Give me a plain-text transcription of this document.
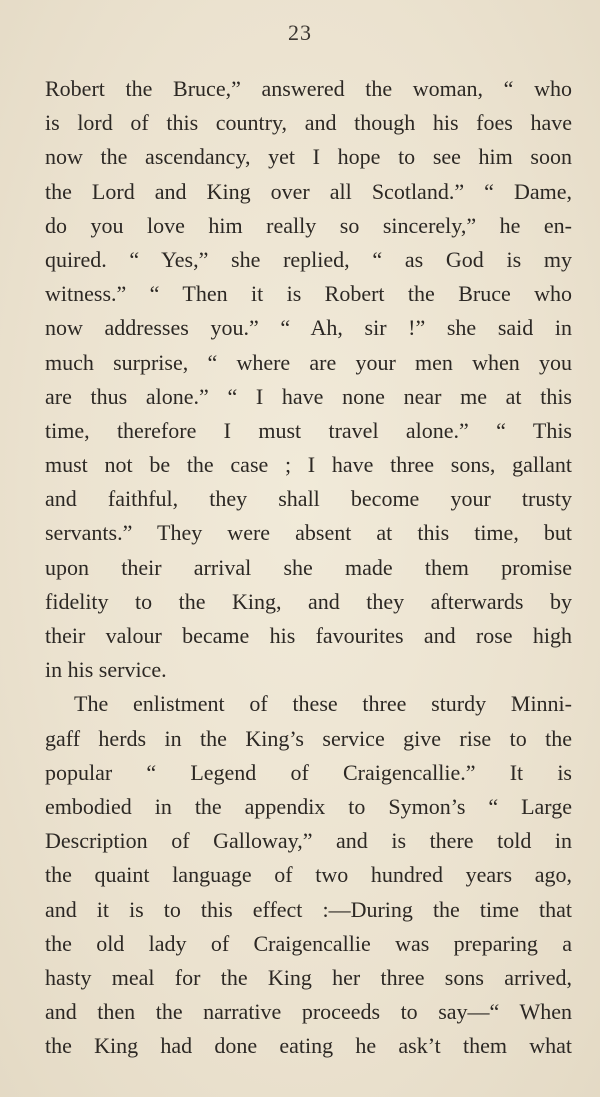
23
Robert the Bruce,” answered the woman, “ who
is lord of this country, and though his foes have
now the ascendancy, yet I hope to see him soon
the Lord and King over all Scotland.” “ Dame,
do you love him really so sincerely,” he en-
quired. “ Yes,” she replied, “ as God is my
witness.” “ Then it is Robert the Bruce who
now addresses you.” “ Ah, sir !” she said in
much surprise, “ where are your men when you
are thus alone.” “ I have none near me at this
time, therefore I must travel alone.” “ This
must not be the case ; I have three sons, gallant
and faithful, they shall become your trusty
servants.” They were absent at this time, but
upon their arrival she made them promise
fidelity to the King, and they afterwards by
their valour became his favourites and rose high
in his service.
The enlistment of these three sturdy Minni-
gaff herds in the King’s service give rise to the
popular “ Legend of Craigencallie.” It is
embodied in the appendix to Symon’s “ Large
Description of Galloway,” and is there told in
the quaint language of two hundred years ago,
and it is to this effect :—During the time that
the old lady of Craigencallie was preparing a
hasty meal for the King her three sons arrived,
and then the narrative proceeds to say—“ When
the King had done eating he ask’t them what
